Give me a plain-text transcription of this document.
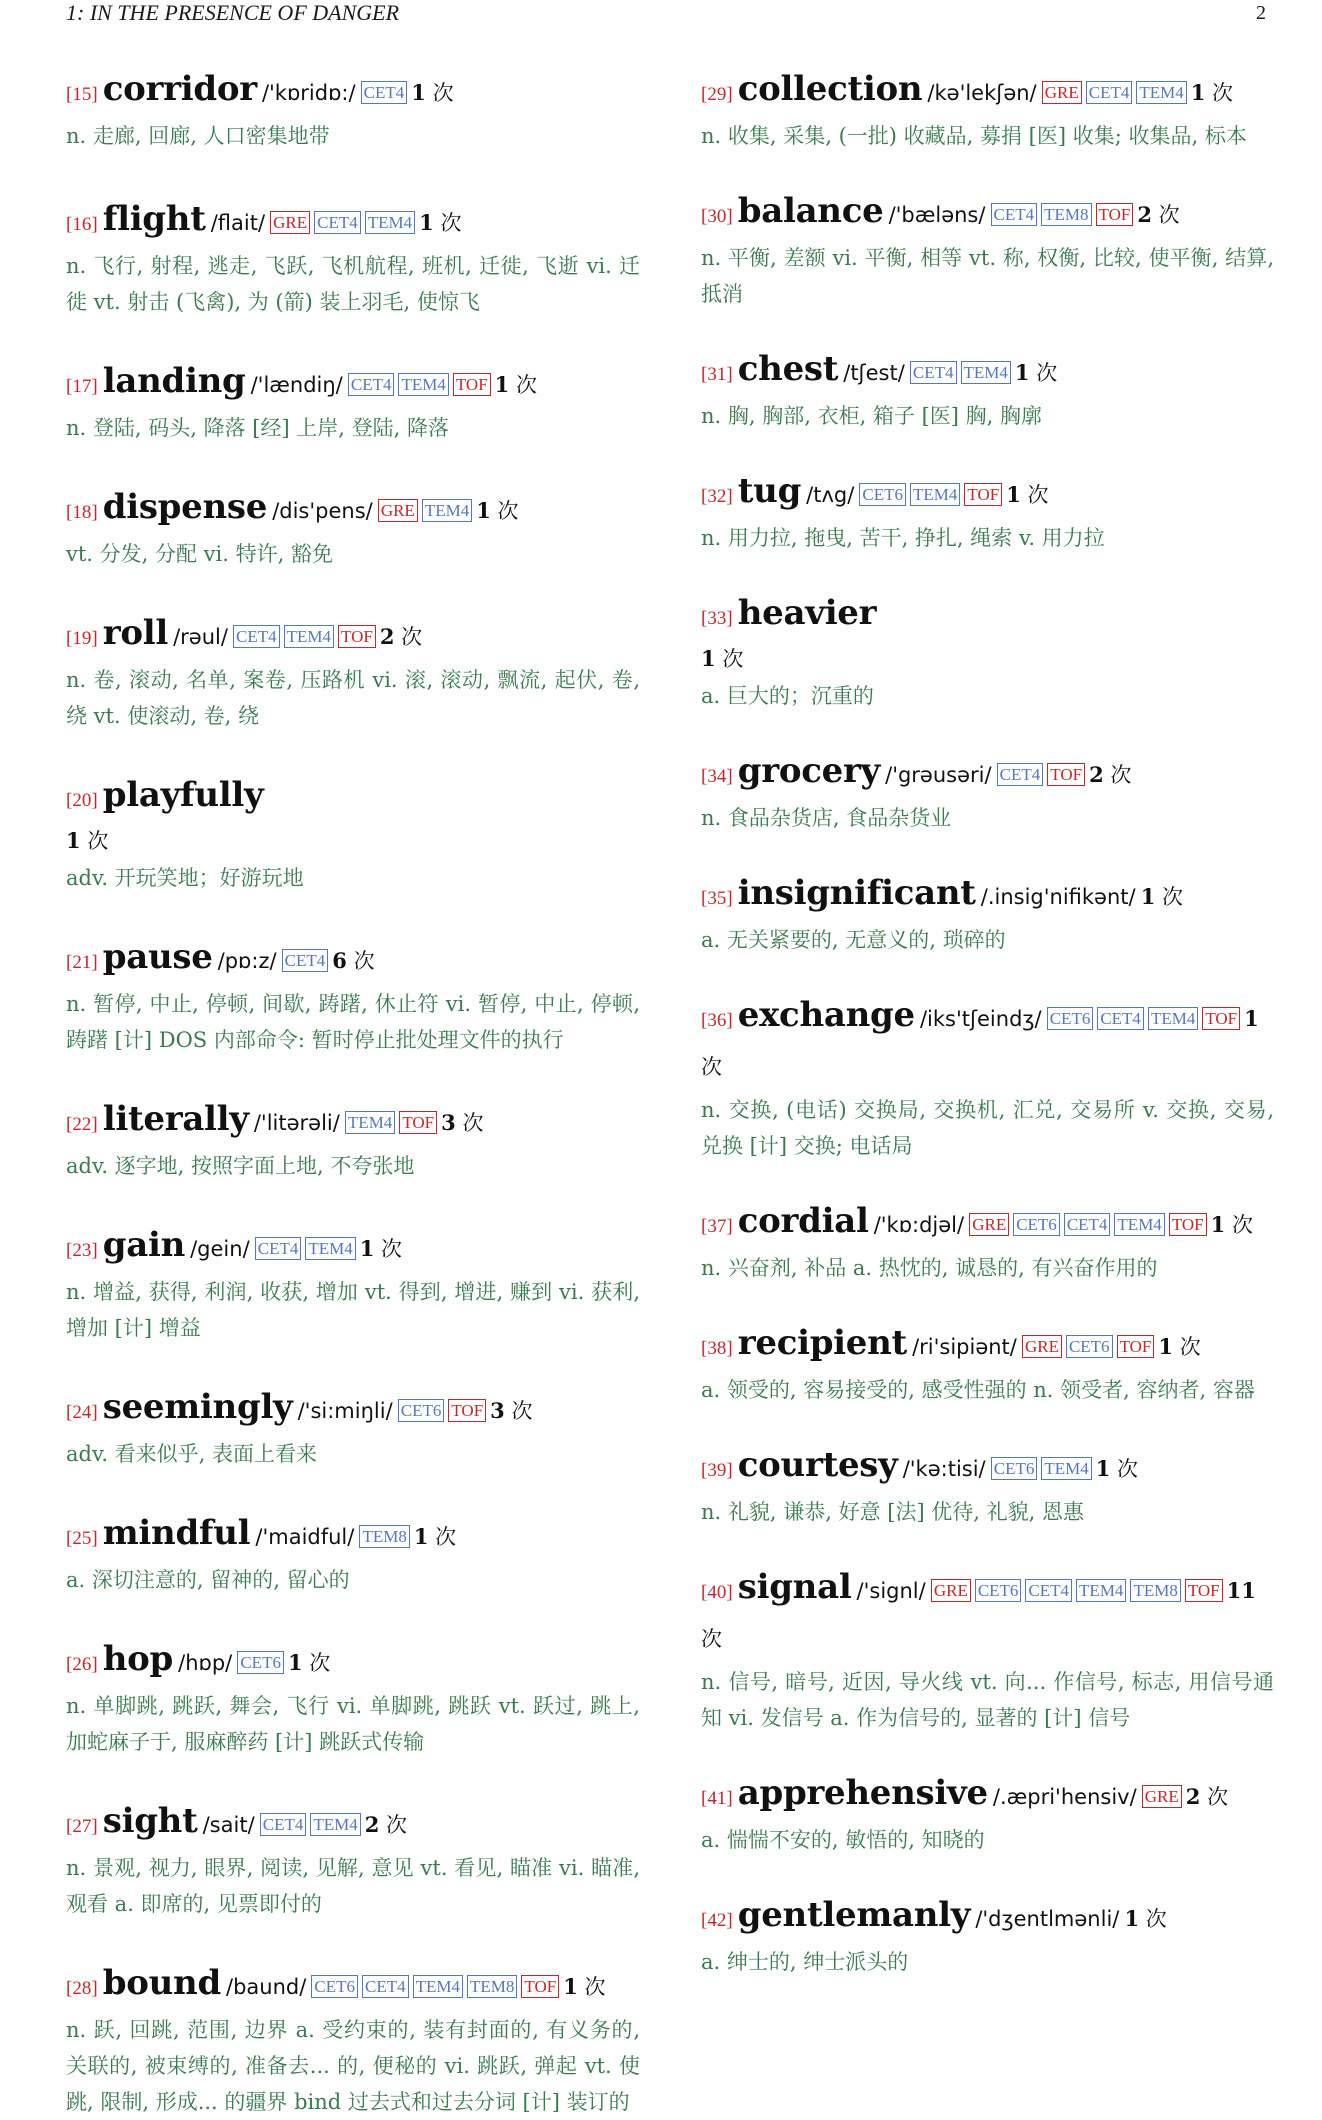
1: IN THE PRESENCE OF DANGER	2
[15] corridor /'kɒridɒ:/ CET4 1 次
n. 走廊, 回廊, 人口密集地带
[16] flight /flait/ GRE CET4 TEM4 1 次
n. 飞行, 射程, 逃走, 飞跃, 飞机航程, 班机, 迁徙, 飞逝 vi. 迁徙 vt. 射击 (飞禽), 为 (箭) 装上羽毛, 使惊飞
[17] landing /'lændiŋ/ CET4 TEM4 TOF 1 次
n. 登陆, 码头, 降落 [经] 上岸, 登陆, 降落
[18] dispense /dis'pens/ GRE TEM4 1 次
vt. 分发, 分配 vi. 特许, 豁免
[19] roll /rəul/ CET4 TEM4 TOF 2 次
n. 卷, 滚动, 名单, 案卷, 压路机 vi. 滚, 滚动, 飘流, 起伏, 卷, 绕 vt. 使滚动, 卷, 绕
[20] playfully
1 次
adv. 开玩笑地；好游玩地
[21] pause /pɒ:z/ CET4 6 次
n. 暂停, 中止, 停顿, 间歇, 踌躇, 休止符 vi. 暂停, 中止, 停顿, 踌躇 [计] DOS 内部命令: 暂时停止批处理文件的执行
[22] literally /'litərəli/ TEM4 TOF 3 次
adv. 逐字地, 按照字面上地, 不夸张地
[23] gain /gein/ CET4 TEM4 1 次
n. 增益, 获得, 利润, 收获, 增加 vt. 得到, 增进, 赚到 vi. 获利, 增加 [计] 增益
[24] seemingly /'si:miŋli/ CET6 TOF 3 次
adv. 看来似乎, 表面上看来
[25] mindful /'maidful/ TEM8 1 次
a. 深切注意的, 留神的, 留心的
[26] hop /hɒp/ CET6 1 次
n. 单脚跳, 跳跃, 舞会, 飞行 vi. 单脚跳, 跳跃 vt. 跃过, 跳上, 加蛇麻子于, 服麻醉药 [计] 跳跃式传输
[27] sight /sait/ CET4 TEM4 2 次
n. 景观, 视力, 眼界, 阅读, 见解, 意见 vt. 看见, 瞄准 vi. 瞄准, 观看 a. 即席的, 见票即付的
[28] bound /baund/ CET6 CET4 TEM4 TEM8 TOF 1 次
n. 跃, 回跳, 范围, 边界 a. 受约束的, 装有封面的, 有义务的, 关联的, 被束缚的, 准备去... 的, 便秘的 vi. 跳跃, 弹起 vt. 使跳, 限制, 形成... 的疆界 bind 过去式和过去分词 [计] 装订的
[29] collection /kə'lekʃən/ GRE CET4 TEM4 1 次
n. 收集, 采集, (一批) 收藏品, 募捐 [医] 收集; 收集品, 标本
[30] balance /'bæləns/ CET4 TEM8 TOF 2 次
n. 平衡, 差额 vi. 平衡, 相等 vt. 称, 权衡, 比较, 使平衡, 结算, 抵消
[31] chest /tʃest/ CET4 TEM4 1 次
n. 胸, 胸部, 衣柜, 箱子 [医] 胸, 胸廓
[32] tug /tʌg/ CET6 TEM4 TOF 1 次
n. 用力拉, 拖曳, 苦干, 挣扎, 绳索 v. 用力拉
[33] heavier
1 次
a. 巨大的；沉重的
[34] grocery /'grəusəri/ CET4 TOF 2 次
n. 食品杂货店, 食品杂货业
[35] insignificant /.insig'nifikənt/ 1 次
a. 无关紧要的, 无意义的, 琐碎的
[36] exchange /iks'tʃeindʒ/ CET6 CET4 TEM4 TOF 1 次
n. 交换, (电话) 交换局, 交换机, 汇兑, 交易所 v. 交换, 交易, 兑换 [计] 交换; 电话局
[37] cordial /'kɒ:djəl/ GRE CET6 CET4 TEM4 TOF 1 次
n. 兴奋剂, 补品 a. 热忱的, 诚恳的, 有兴奋作用的
[38] recipient /ri'sipiənt/ GRE CET6 TOF 1 次
a. 领受的, 容易接受的, 感受性强的 n. 领受者, 容纳者, 容器
[39] courtesy /'kə:tisi/ CET6 TEM4 1 次
n. 礼貌, 谦恭, 好意 [法] 优待, 礼貌, 恩惠
[40] signal /'signl/ GRE CET6 CET4 TEM4 TEM8 TOF 11 次
n. 信号, 暗号, 近因, 导火线 vt. 向... 作信号, 标志, 用信号通知 vi. 发信号 a. 作为信号的, 显著的 [计] 信号
[41] apprehensive /.æpri'hensiv/ GRE 2 次
a. 惴惴不安的, 敏悟的, 知晓的
[42] gentlemanly /'dʒentlmənli/ 1 次
a. 绅士的, 绅士派头的
